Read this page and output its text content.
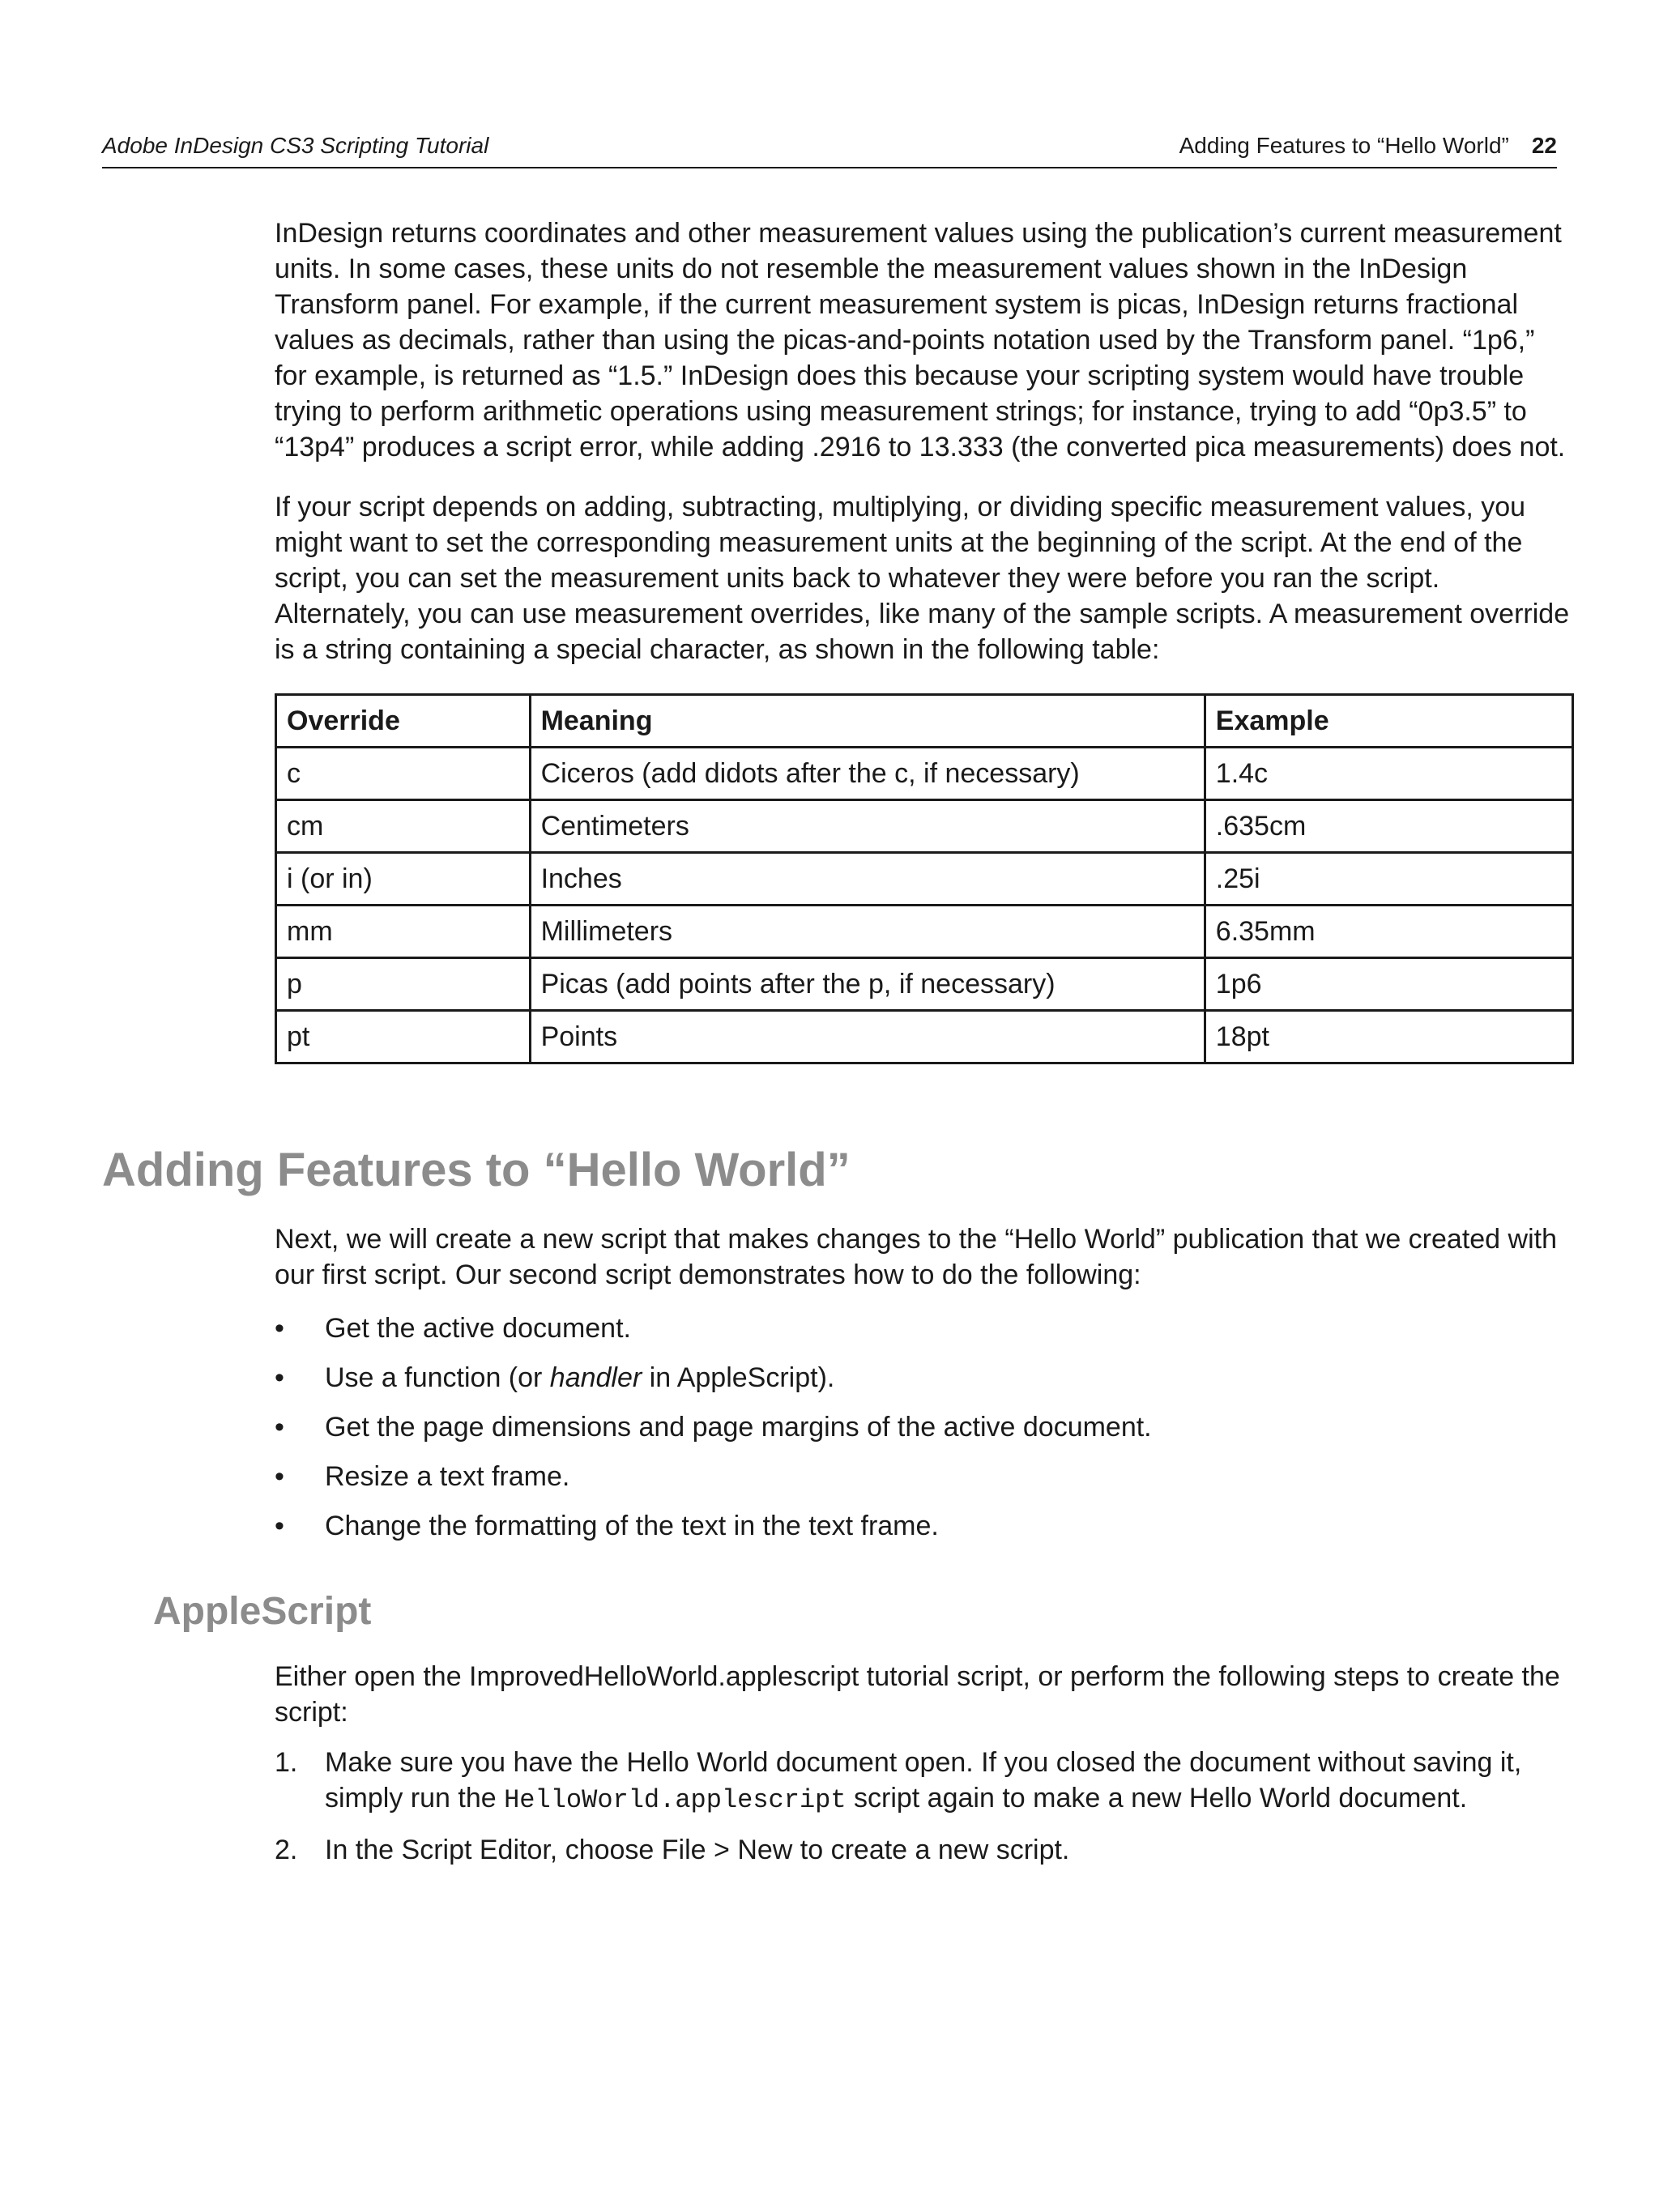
Adobe InDesign CS3 Scripting Tutorial	Adding Features to “Hello World” 22

InDesign returns coordinates and other measurement values using the publication’s current measurement units. In some cases, these units do not resemble the measurement values shown in the InDesign Transform panel. For example, if the current measurement system is picas, InDesign returns fractional values as decimals, rather than using the picas-and-points notation used by the Transform panel. “1p6,” for example, is returned as “1.5.” InDesign does this because your scripting system would have trouble trying to perform arithmetic operations using measurement strings; for instance, trying to add “0p3.5” to “13p4” produces a script error, while adding .2916 to 13.333 (the converted pica measurements) does not.

If your script depends on adding, subtracting, multiplying, or dividing specific measurement values, you might want to set the corresponding measurement units at the beginning of the script. At the end of the script, you can set the measurement units back to whatever they were before you ran the script. Alternately, you can use measurement overrides, like many of the sample scripts. A measurement override is a string containing a special character, as shown in the following table:

Override	Meaning	Example
c	Ciceros (add didots after the c, if necessary)	1.4c
cm	Centimeters	.635cm
i (or in)	Inches	.25i
mm	Millimeters	6.35mm
p	Picas (add points after the p, if necessary)	1p6
pt	Points	18pt
Adding Features to “Hello World”

Next, we will create a new script that makes changes to the “Hello World” publication that we created with our first script. Our second script demonstrates how to do the following:

• Get the active document.
• Use a function (or handler in AppleScript).
• Get the page dimensions and page margins of the active document.
• Resize a text frame.
• Change the formatting of the text in the text frame.
AppleScript

Either open the ImprovedHelloWorld.applescript tutorial script, or perform the following steps to create the script:

1. Make sure you have the Hello World document open. If you closed the document without saving it, simply run the HelloWorld.applescript script again to make a new Hello World document.
2. In the Script Editor, choose File > New to create a new script.
